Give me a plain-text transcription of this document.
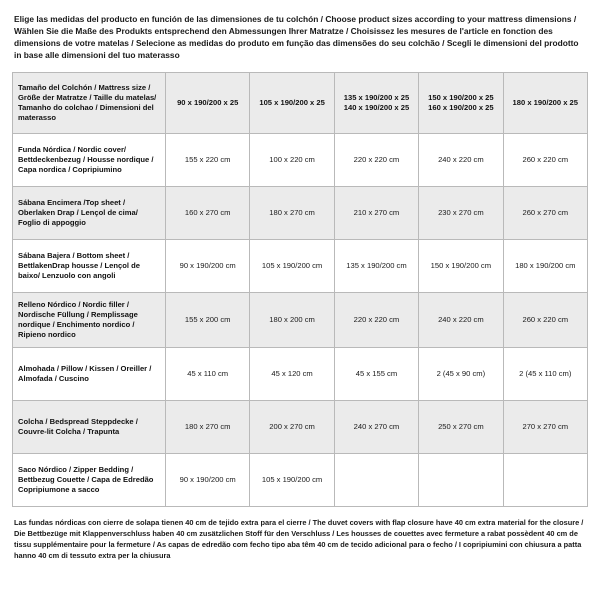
Elige las medidas del producto en función de las dimensiones de tu colchón / Choose product sizes according to your mattress dimensions / Wählen Sie die Maße des Produkts entsprechend den Abmessungen Ihrer Matratze / Choisissez les mesures de l'article en fonction des dimensions de votre matelas / Selecione as medidas do produto em função das dimensões do seu colchão / Scegli le dimensioni del prodotto in base alle dimensioni del tuo materasso
Tamaño del Colchón / Mattress size / Größe der Matratze / Taille du matelas/ Tamanho do colchao / Dimensioni del materasso	90 x 190/200 x 25	105 x 190/200 x 25	135 x 190/200 x 25 140 x 190/200 x 25	150 x 190/200 x 25 160 x 190/200 x 25	180 x 190/200 x 25
Funda Nórdica / Nordic cover/ Bettdeckenbezug / Housse nordique / Capa nordica / Copripiumino	155 x 220 cm	100 x 220 cm	220 x 220 cm	240 x 220 cm	260 x 220 cm
Sábana Encimera /Top sheet / Oberlaken Drap / Lençol de cima/ Foglio di appoggio	160 x 270 cm	180 x 270 cm	210 x 270 cm	230 x 270 cm	260 x 270 cm
Sábana Bajera / Bottom sheet / BettlakenDrap housse / Lençol de baixo/ Lenzuolo con angoli	90 x 190/200 cm	105 x 190/200 cm	135 x 190/200 cm	150 x 190/200 cm	180 x 190/200 cm
Relleno Nórdico / Nordic filler / Nordische Füllung / Remplissage nordique / Enchimento nordico / Ripieno nordico	155 x 200 cm	180 x 200 cm	220 x 220 cm	240 x 220 cm	260 x 220 cm
Almohada / Pillow / Kissen / Oreiller / Almofada / Cuscino	45 x 110 cm	45 x 120 cm	45 x 155 cm	2 (45 x 90 cm)	2 (45 x 110 cm)
Colcha / Bedspread Steppdecke / Couvre-lit Colcha / Trapunta	180 x 270 cm	200 x 270 cm	240 x 270 cm	250 x 270 cm	270 x 270 cm
Saco Nórdico / Zipper Bedding / Bettbezug Couette / Capa de Edredão Copripiumone a sacco	90 x 190/200 cm	105 x 190/200 cm			
Las fundas nórdicas con cierre de solapa tienen 40 cm de tejido extra para el cierre / The duvet covers with flap closure have 40 cm extra material for the closure / Die Bettbezüge mit Klappenverschluss haben 40 cm zusätzlichen Stoff für den Verschluss / Les housses de couettes avec fermeture a rabat possèdent 40 cm de tissu supplémentaire pour la fermeture / As capas de edredão com fecho tipo aba têm 40 cm de tecido adicional para o fecho / I copripiumini con chiusura a patta hanno 40 cm di tessuto extra per la chiusura
